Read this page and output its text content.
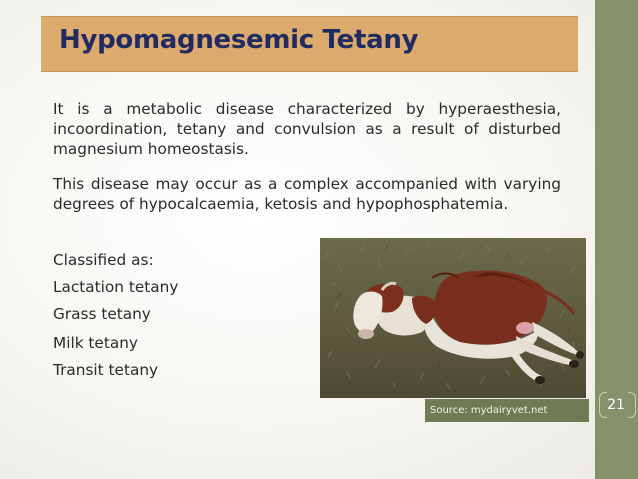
Hypomagnesemic Tetany

It is a metabolic disease characterized by hyperaesthesia, incoordination, tetany and convulsion as a result of disturbed magnesium homeostasis.

This disease may occur as a complex accompanied with varying degrees of hypocalcaemia, ketosis and hypophosphatemia.

Classified as:
Lactation tetany
Grass tetany
Milk tetany
Transit tetany
Source: mydairyvet.net	21
